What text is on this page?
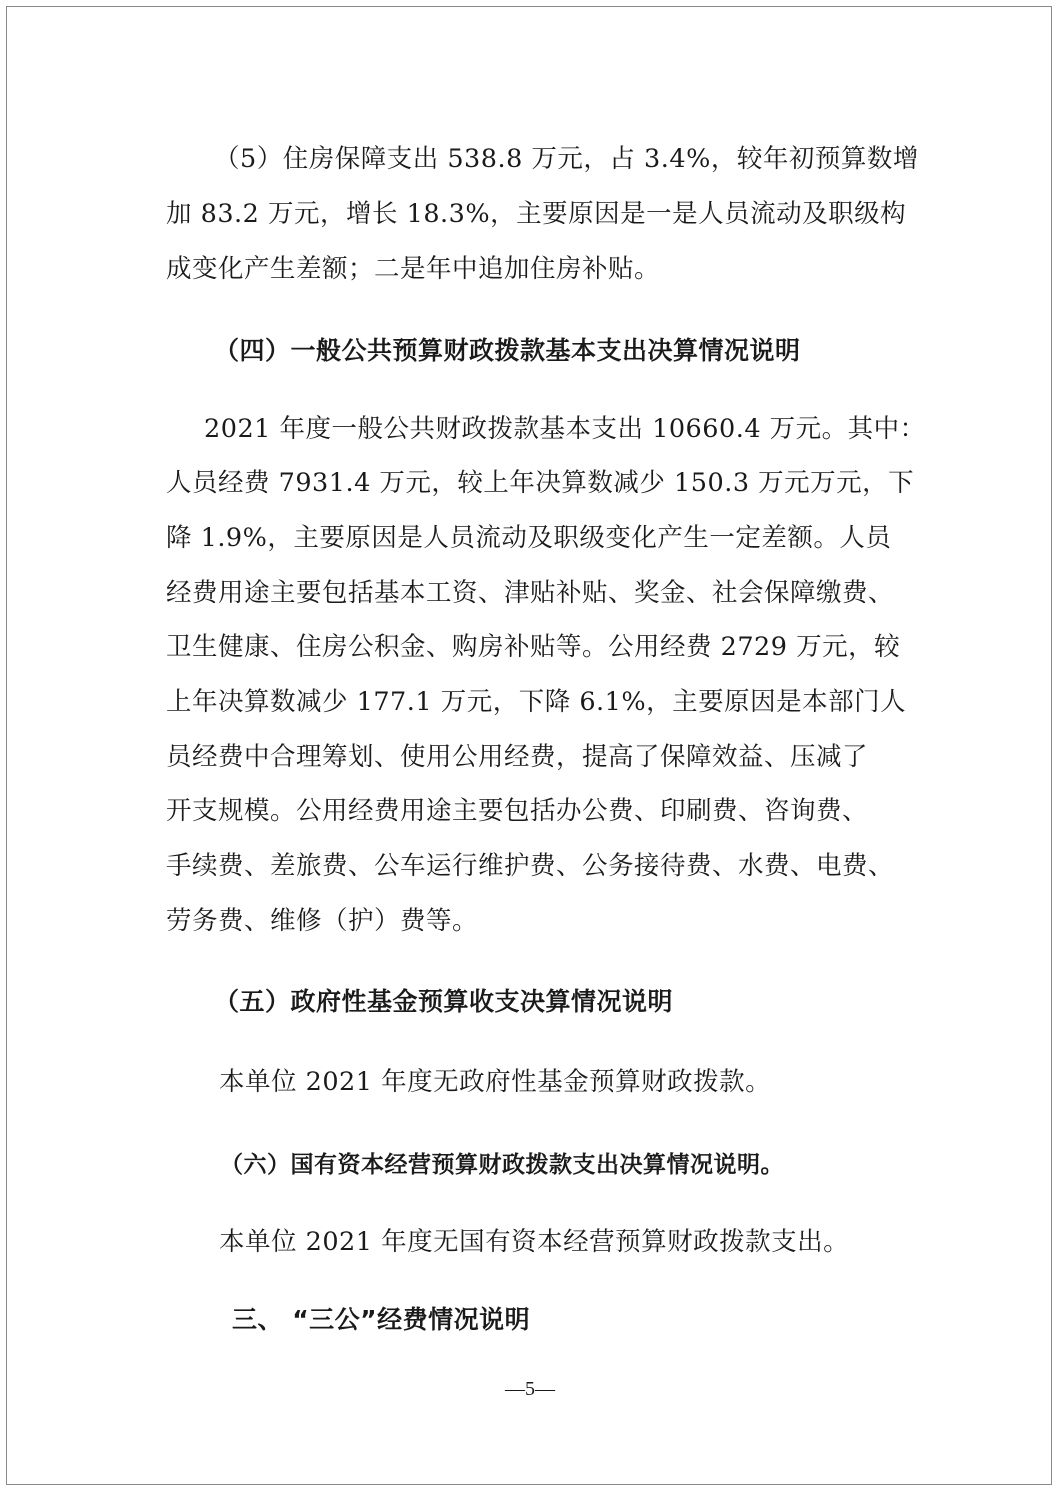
（5）住房保障支出 538.8 万元，占 3.4%，较年初预算数增
加 83.2 万元，增长 18.3%，主要原因是一是人员流动及职级构
成变化产生差额；二是年中追加住房补贴。
（四）一般公共预算财政拨款基本支出决算情况说明
2021 年度一般公共财政拨款基本支出 10660.4 万元。其中：
人员经费 7931.4 万元，较上年决算数减少 150.3 万元万元，下
降 1.9%，主要原因是人员流动及职级变化产生一定差额。人员
经费用途主要包括基本工资、津贴补贴、奖金、社会保障缴费、
卫生健康、住房公积金、购房补贴等。公用经费 2729 万元，较
上年决算数减少 177.1 万元，下降 6.1%，主要原因是本部门人
员经费中合理筹划、使用公用经费，提高了保障效益、压减了
开支规模。公用经费用途主要包括办公费、印刷费、咨询费、
手续费、差旅费、公车运行维护费、公务接待费、水费、电费、
劳务费、维修（护）费等。
（五）政府性基金预算收支决算情况说明
本单位 2021 年度无政府性基金预算财政拨款。
（六）国有资本经营预算财政拨款支出决算情况说明。
本单位 2021 年度无国有资本经营预算财政拨款支出。
三、 “三公”经费情况说明
—5—
